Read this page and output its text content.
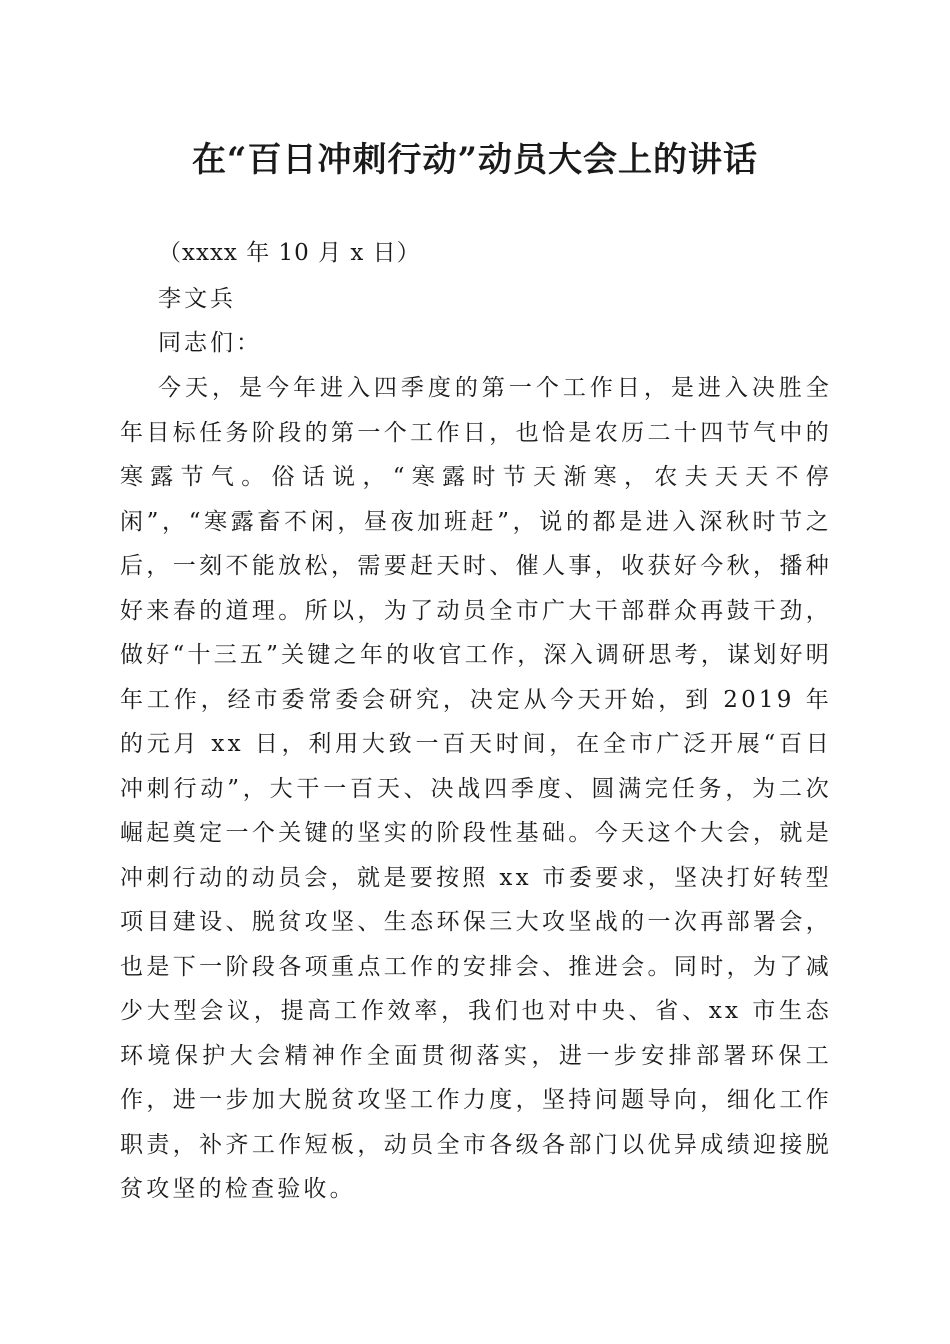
在“百日冲刺行动”动员大会上的讲话

（xxxx 年 10 月 x 日）

李文兵

同志们：

今天，是今年进入四季度的第一个工作日，是进入决胜全年目标任务阶段的第一个工作日，也恰是农历二十四节气中的寒露节气。俗话说，“寒露时节天渐寒，农夫天天不停闲”，“寒露畜不闲，昼夜加班赶”，说的都是进入深秋时节之后，一刻不能放松，需要赶天时、催人事，收获好今秋，播种好来春的道理。所以，为了动员全市广大干部群众再鼓干劲，做好“十三五”关键之年的收官工作，深入调研思考，谋划好明年工作，经市委常委会研究，决定从今天开始，到 2019 年的元月 xx 日，利用大致一百天时间，在全市广泛开展“百日冲刺行动”，大干一百天、决战四季度、圆满完任务，为二次崛起奠定一个关键的坚实的阶段性基础。今天这个大会，就是冲刺行动的动员会，就是要按照 xx 市委要求，坚决打好转型项目建设、脱贫攻坚、生态环保三大攻坚战的一次再部署会，也是下一阶段各项重点工作的安排会、推进会。同时，为了减少大型会议，提高工作效率，我们也对中央、省、xx 市生态环境保护大会精神作全面贯彻落实，进一步安排部署环保工作，进一步加大脱贫攻坚工作力度，坚持问题导向，细化工作职责，补齐工作短板，动员全市各级各部门以优异成绩迎接脱贫攻坚的检查验收。
